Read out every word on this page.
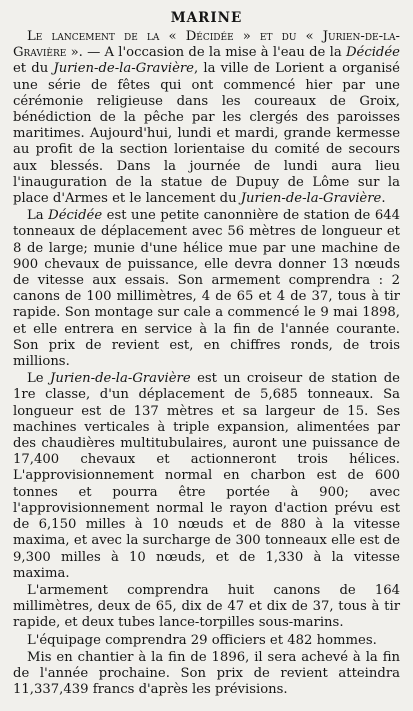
MARINE

Le lancement de la « Décidée » et du « Jurien-de-la-Gravière ». — A l'occasion de la mise à l'eau de la Décidée et du Jurien-de-la-Gravière, la ville de Lorient a organisé une série de fêtes qui ont commencé hier par une cérémonie religieuse dans les coureaux de Groix, bénédiction de la pêche par les clergés des paroisses maritimes. Aujourd'hui, lundi et mardi, grande kermesse au profit de la section lorientaise du comité de secours aux blessés. Dans la journée de lundi aura lieu l'inauguration de la statue de Dupuy de Lôme sur la place d'Armes et le lancement du Jurien-de-la-Gravière.

La Décidée est une petite canonnière de station de 644 tonneaux de déplacement avec 56 mètres de longueur et 8 de large; munie d'une hélice mue par une machine de 900 chevaux de puissance, elle devra donner 13 nœuds de vitesse aux essais. Son armement comprendra : 2 canons de 100 millimètres, 4 de 65 et 4 de 37, tous à tir rapide. Son montage sur cale a commencé le 9 mai 1898, et elle entrera en service à la fin de l'année courante. Son prix de revient est, en chiffres ronds, de trois millions.

Le Jurien-de-la-Gravière est un croiseur de station de 1re classe, d'un déplacement de 5,685 tonneaux. Sa longueur est de 137 mètres et sa largeur de 15. Ses machines verticales à triple expansion, alimentées par des chaudières multitubulaires, auront une puissance de 17,400 chevaux et actionneront trois hélices. L'approvisionnement normal en charbon est de 600 tonnes et pourra être portée à 900; avec l'approvisionnement normal le rayon d'action prévu est de 6,150 milles à 10 nœuds et de 880 à la vitesse maxima, et avec la surcharge de 300 tonneaux elle est de 9,300 milles à 10 nœuds, et de 1,330 à la vitesse maxima.

L'armement comprendra huit canons de 164 millimètres, deux de 65, dix de 47 et dix de 37, tous à tir rapide, et deux tubes lance-torpilles sous-marins.

L'équipage comprendra 29 officiers et 482 hommes.

Mis en chantier à la fin de 1896, il sera achevé à la fin de l'année prochaine. Son prix de revient atteindra 11,337,439 francs d'après les prévisions.
